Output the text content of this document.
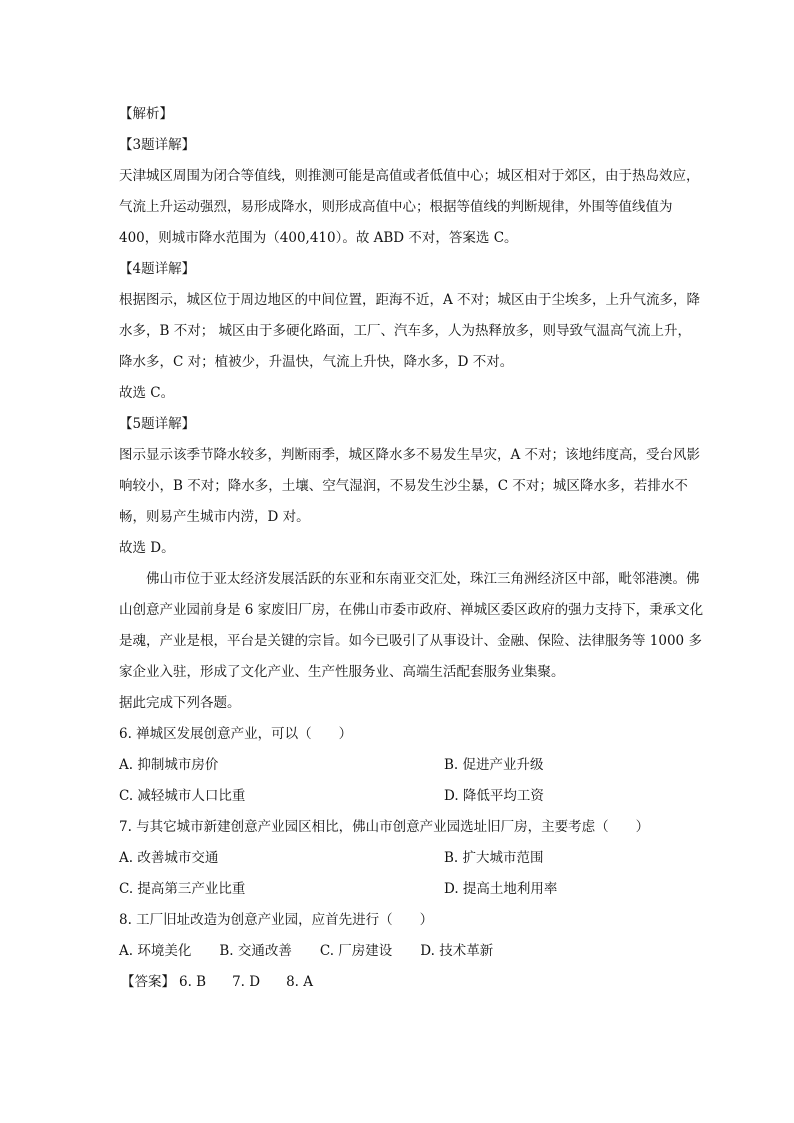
【解析】

【3题详解】

天津城区周围为闭合等值线，则推测可能是高值或者低值中心；城区相对于郊区，由于热岛效应，气流上升运动强烈，易形成降水，则形成高值中心；根据等值线的判断规律，外围等值线值为 400，则城市降水范围为（400,410）。故 ABD 不对，答案选 C。

【4题详解】

根据图示，城区位于周边地区的中间位置，距海不近，A 不对；城区由于尘埃多，上升气流多，降水多，B 不对； 城区由于多硬化路面，工厂、汽车多，人为热释放多，则导致气温高气流上升，降水多，C 对；植被少，升温快，气流上升快，降水多，D 不对。

故选 C。

【5题详解】

图示显示该季节降水较多，判断雨季，城区降水多不易发生旱灾，A 不对；该地纬度高，受台风影响较小，B 不对；降水多，土壤、空气湿润，不易发生沙尘暴，C 不对；城区降水多，若排水不畅，则易产生城市内涝，D 对。

故选 D。

佛山市位于亚太经济发展活跃的东亚和东南亚交汇处，珠江三角洲经济区中部，毗邻港澳。佛山创意产业园前身是 6 家废旧厂房，在佛山市委市政府、禅城区委区政府的强力支持下，秉承文化是魂，产业是根，平台是关键的宗旨。如今已吸引了从事设计、金融、保险、法律服务等 1000 多家企业入驻，形成了文化产业、生产性服务业、高端生活配套服务业集聚。

据此完成下列各题。

6. 禅城区发展创意产业，可以（　　）

A. 抑制城市房价	B. 促进产业升级
C. 减轻城市人口比重	D. 降低平均工资

7. 与其它城市新建创意产业园区相比，佛山市创意产业园选址旧厂房，主要考虑（　　）

A. 改善城市交通	B. 扩大城市范围
C. 提高第三产业比重	D. 提高土地利用率

8. 工厂旧址改造为创意产业园，应首先进行（　　）

A. 环境美化 B. 交通改善 C. 厂房建设 D. 技术革新

【答案】 6. B 7. D 8. A
